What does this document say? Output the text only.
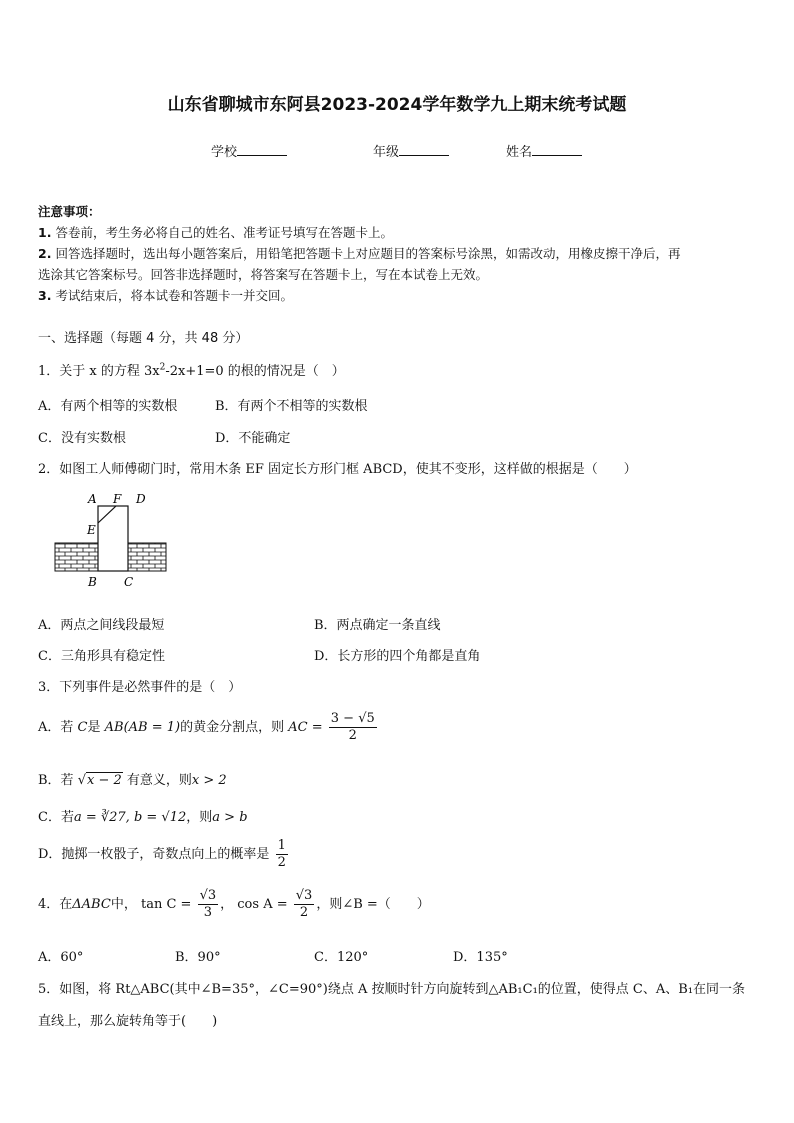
山东省聊城市东阿县2023-2024学年数学九上期末统考试题
学校	年级	姓名
注意事项：
1. 答卷前，考生务必将自己的姓名、准考证号填写在答题卡上。
2. 回答选择题时，选出每小题答案后，用铅笔把答题卡上对应题目的答案标号涂黑，如需改动，用橡皮擦干净后，再
选涂其它答案标号。回答非选择题时，将答案写在答题卡上，写在本试卷上无效。
3. 考试结束后，将本试卷和答题卡一并交回。
一、选择题（每题 4 分，共 48 分）
1．关于 x 的方程 $3x^2-2x+1=0$ 的根的情况是（　）
A．有两个相等的实数根	B．有两个不相等的实数根
C．没有实数根	D．不能确定
2．如图工人师傅砌门时，常用木条 EF 固定长方形门框 ABCD，使其不变形，这样做的根据是（　　）
A F D
E
B C
A．两点之间线段最短	B．两点确定一条直线
C．三角形具有稳定性	D．长方形的四个角都是直角
3．下列事件是必然事件的是（　）
A．若 C是 AB(AB = 1)的黄金分割点，则 AC = $\frac{3 - √5}{2}$
B．若 √x − 2 有意义，则x > 2
C．若a = ∛27, b = √12，则a > b
D．抛掷一枚骰子，奇数点向上的概率是 $\frac{1}{2}$
4．在ΔABC中， $\tan C = \frac{√3}{3}$ ， $\cos A = \frac{√3}{2}$ ，则∠B =（　　）
A．60°	B．90°	C．120°	D．135°
5．如图，将 Rt△ABC(其中∠B=35°，∠C=90°)绕点 A 按顺时针方向旋转到△AB₁C₁的位置，使得点 C、A、B₁在同一条
直线上，那么旋转角等于(　　)
